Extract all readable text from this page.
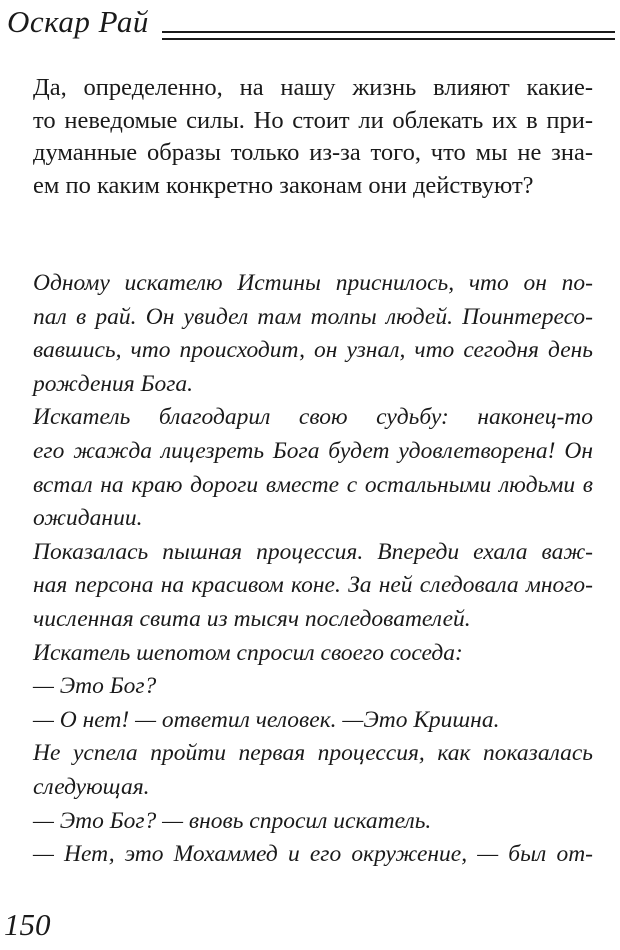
Оскар Рай
Да, определенно, на нашу жизнь влияют какие-
то неведомые силы. Но стоит ли облекать их в при-
думанные образы только из-за того, что мы не зна-
ем по каким конкретно законам они действуют?
Одному искателю Истины приснилось, что он по-
пал в рай. Он увидел там толпы людей. Поинтересо-
вавшись, что происходит, он узнал, что сегодня день
рождения Бога.
Искатель благодарил свою судьбу: наконец-то
его жажда лицезреть Бога будет удовлетворена! Он
встал на краю дороги вместе с остальными людьми в
ожидании.
Показалась пышная процессия. Впереди ехала важ-
ная персона на красивом коне. За ней следовала много-
численная свита из тысяч последователей.
Искатель шепотом спросил своего соседа:
— Это Бог?
— О нет! — ответил человек. —Это Кришна.
Не успела пройти первая процессия, как показалась
следующая.
— Это Бог? — вновь спросил искатель.
— Нет, это Мохаммед и его окружение, — был от-
150
